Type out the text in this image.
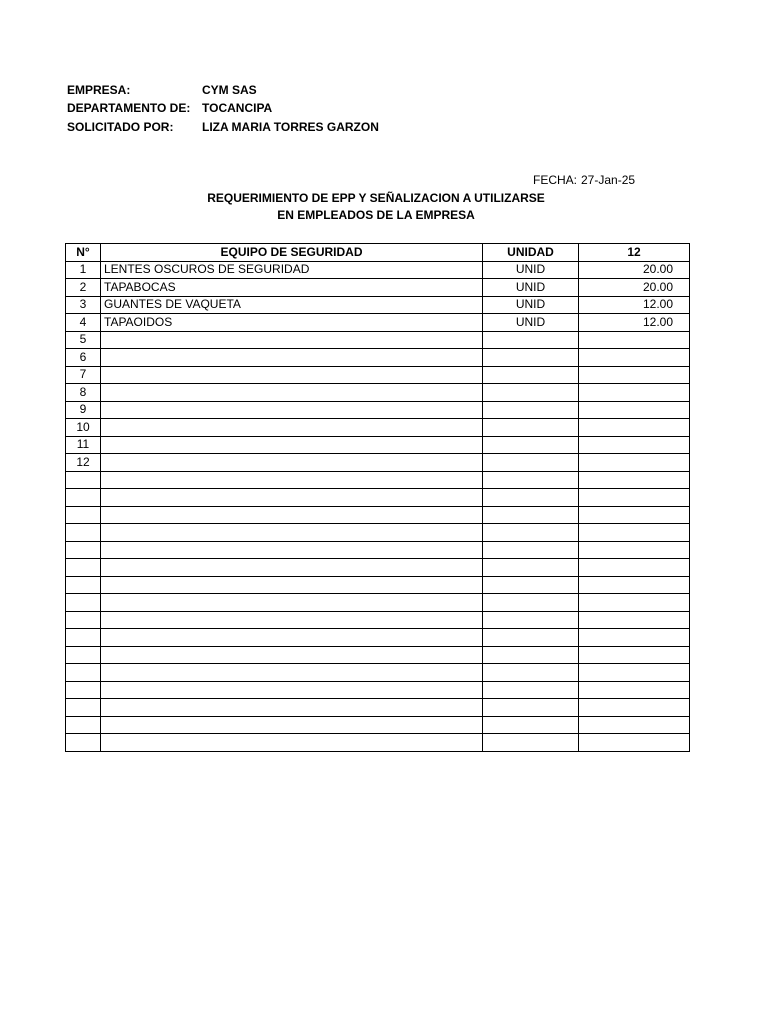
EMPRESA:	CYM SAS
DEPARTAMENTO DE: TOCANCIPA
SOLICITADO POR: LIZA MARIA TORRES GARZON
FECHA: 27-Jan-25
REQUERIMIENTO DE EPP Y SEÑALIZACION A UTILIZARSE
EN EMPLEADOS DE LA EMPRESA
N°	EQUIPO DE SEGURIDAD	UNIDAD	12
1	LENTES OSCUROS DE SEGURIDAD	UNID	20.00
2	TAPABOCAS	UNID	20.00
3	GUANTES DE VAQUETA	UNID	12.00
4	TAPAOIDOS	UNID	12.00
5			
6			
7			
8			
9			
10			
11			
12			
